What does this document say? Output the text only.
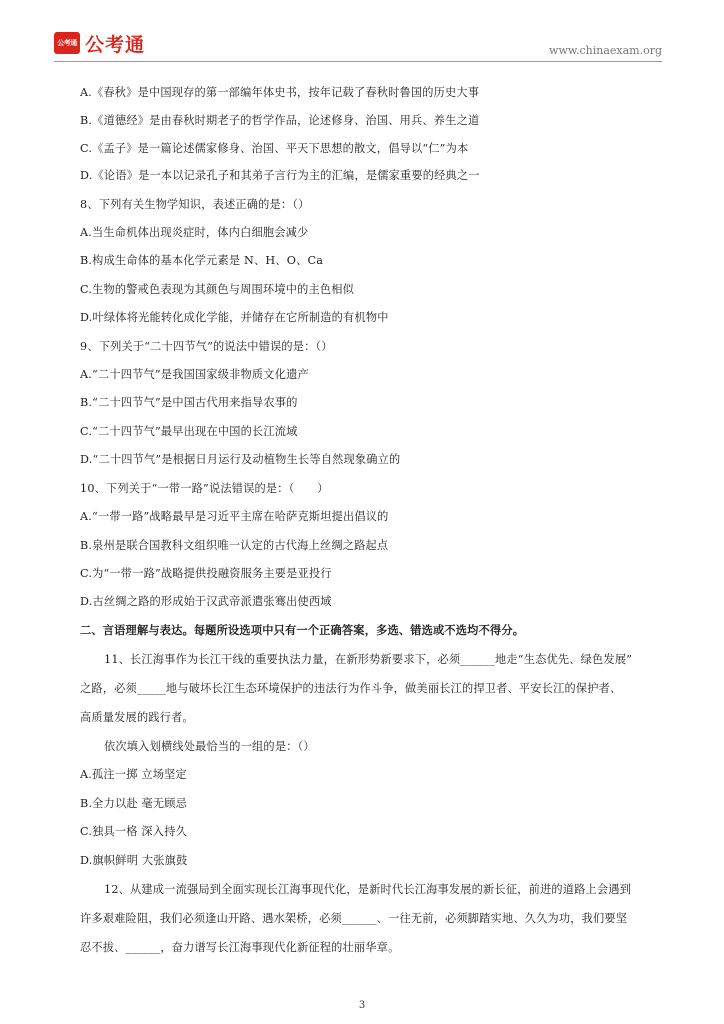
公考通 公考通	www.chinaexam.org
A.《春秋》是中国现存的第一部编年体史书，按年记载了春秋时鲁国的历史大事
B.《道德经》是由春秋时期老子的哲学作品，论述修身、治国、用兵、养生之道
C.《孟子》是一篇论述儒家修身、治国、平天下思想的散文，倡导以“仁”为本
D.《论语》是一本以记录孔子和其弟子言行为主的汇编，是儒家重要的经典之一
8、下列有关生物学知识，表述正确的是：（）
A.当生命机体出现炎症时，体内白细胞会减少
B.构成生命体的基本化学元素是 N、H、O、Ca
C.生物的警戒色表现为其颜色与周围环境中的主色相似
D.叶绿体将光能转化成化学能，并储存在它所制造的有机物中
9、下列关于“二十四节气”的说法中错误的是：（）
A.“二十四节气”是我国国家级非物质文化遗产
B.“二十四节气”是中国古代用来指导农事的
C.“二十四节气”最早出现在中国的长江流域
D.“二十四节气”是根据日月运行及动植物生长等自然现象确立的
10、下列关于“一带一路”说法错误的是：（　　）
A.“一带一路”战略最早是习近平主席在哈萨克斯坦提出倡议的
B.泉州是联合国教科文组织唯一认定的古代海上丝绸之路起点
C.为“一带一路”战略提供投融资服务主要是亚投行
D.古丝绸之路的形成始于汉武帝派遣张骞出使西域
二、言语理解与表达。每题所设选项中只有一个正确答案，多选、错选或不选均不得分。
11、长江海事作为长江干线的重要执法力量，在新形势新要求下，必须______地走“生态优先、绿色发展”
之路，必须_____地与破坏长江生态环境保护的违法行为作斗争，做美丽长江的捍卫者、平安长江的保护者、
高质量发展的践行者。
依次填入划横线处最恰当的一组的是：（）
A.孤注一掷 立场坚定
B.全力以赴 毫无顾忌
C.独具一格 深入持久
D.旗帜鲜明 大张旗鼓
12、从建成一流强局到全面实现长江海事现代化，是新时代长江海事发展的新长征，前进的道路上会遇到
许多艰难险阻，我们必须逢山开路、遇水架桥，必须______、一往无前，必须脚踏实地、久久为功，我们要坚
忍不拔、______，奋力谱写长江海事现代化新征程的壮丽华章。
3
